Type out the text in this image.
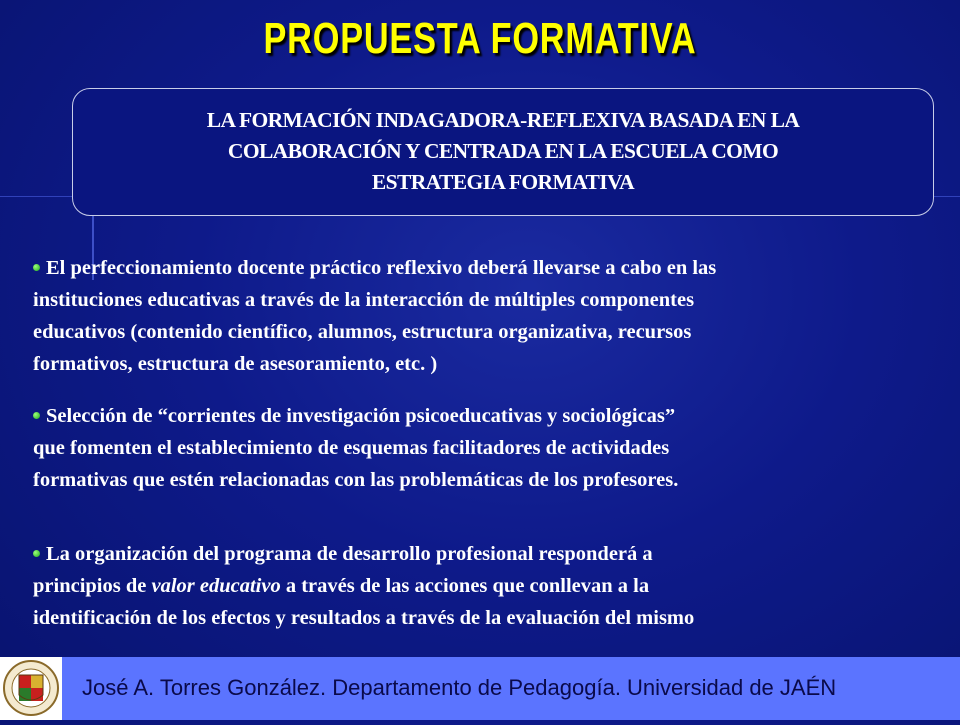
PROPUESTA FORMATIVA
LA FORMACIÓN INDAGADORA-REFLEXIVA BASADA EN LA
COLABORACIÓN Y CENTRADA EN LA ESCUELA COMO
ESTRATEGIA FORMATIVA
El perfeccionamiento docente práctico reflexivo deberá llevarse a cabo en las
instituciones educativas a través de la interacción de múltiples componentes
educativos (contenido científico, alumnos, estructura organizativa, recursos
formativos, estructura de asesoramiento, etc. )
Selección de “corrientes de investigación psicoeducativas y sociológicas”
que fomenten el establecimiento de esquemas facilitadores de actividades
formativas que estén relacionadas con las problemáticas de los profesores.
La organización del programa de desarrollo profesional responderá a
principios de valor educativo a través de las acciones que conllevan a la
identificación de los efectos y resultados a través de la evaluación del mismo
José A. Torres González. Departamento de Pedagogía. Universidad de JAÉN
